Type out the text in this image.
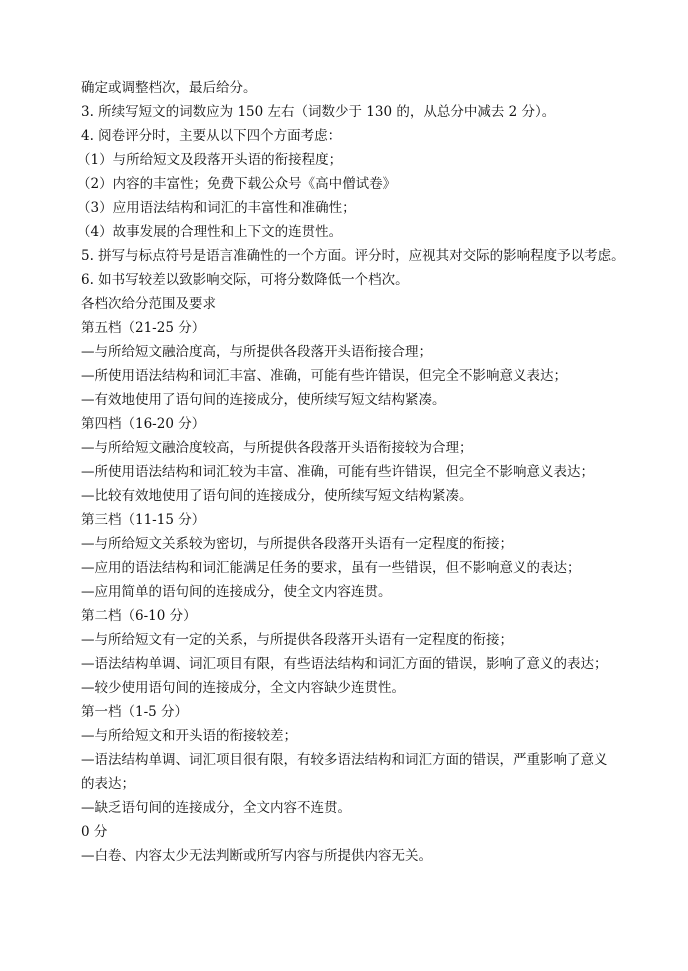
确定或调整档次，最后给分。
3. 所续写短文的词数应为 150 左右（词数少于 130 的，从总分中减去 2 分）。
4. 阅卷评分时，主要从以下四个方面考虑：
（1）与所给短文及段落开头语的衔接程度；
（2）内容的丰富性；免费下载公众号《高中僧试卷》
（3）应用语法结构和词汇的丰富性和准确性；
（4）故事发展的合理性和上下文的连贯性。
5. 拼写与标点符号是语言准确性的一个方面。评分时，应视其对交际的影响程度予以考虑。
6. 如书写较差以致影响交际，可将分数降低一个档次。
各档次给分范围及要求
第五档（21-25 分）
—与所给短文融洽度高，与所提供各段落开头语衔接合理；
—所使用语法结构和词汇丰富、准确，可能有些许错误，但完全不影响意义表达；
—有效地使用了语句间的连接成分，使所续写短文结构紧凑。
第四档（16-20 分）
—与所给短文融洽度较高，与所提供各段落开头语衔接较为合理；
—所使用语法结构和词汇较为丰富、准确，可能有些许错误，但完全不影响意义表达；
—比较有效地使用了语句间的连接成分，使所续写短文结构紧凑。
第三档（11-15 分）
—与所给短文关系较为密切，与所提供各段落开头语有一定程度的衔接；
—应用的语法结构和词汇能满足任务的要求，虽有一些错误，但不影响意义的表达；
—应用简单的语句间的连接成分，使全文内容连贯。
第二档（6-10 分）
—与所给短文有一定的关系，与所提供各段落开头语有一定程度的衔接；
—语法结构单调、词汇项目有限，有些语法结构和词汇方面的错误，影响了意义的表达；
—较少使用语句间的连接成分，全文内容缺少连贯性。
第一档（1-5 分）
—与所给短文和开头语的衔接较差；
—语法结构单调、词汇项目很有限，有较多语法结构和词汇方面的错误，严重影响了意义
的表达；
—缺乏语句间的连接成分，全文内容不连贯。
0 分
—白卷、内容太少无法判断或所写内容与所提供内容无关。
